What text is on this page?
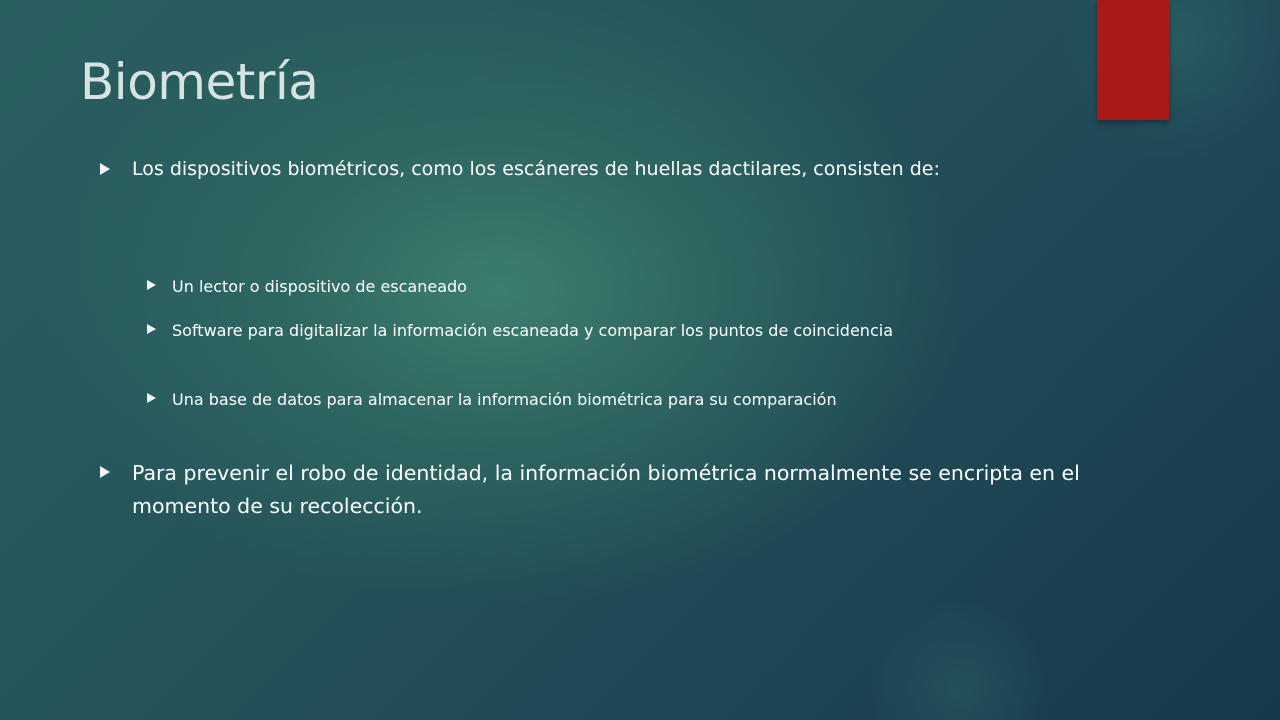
Biometría
Los dispositivos biométricos, como los escáneres de huellas dactilares, consisten de:
Un lector o dispositivo de escaneado
Software para digitalizar la información escaneada y comparar los puntos de coincidencia
Una base de datos para almacenar la información biométrica para su comparación
Para prevenir el robo de identidad, la información biométrica normalmente se encripta en el momento de su recolección.
